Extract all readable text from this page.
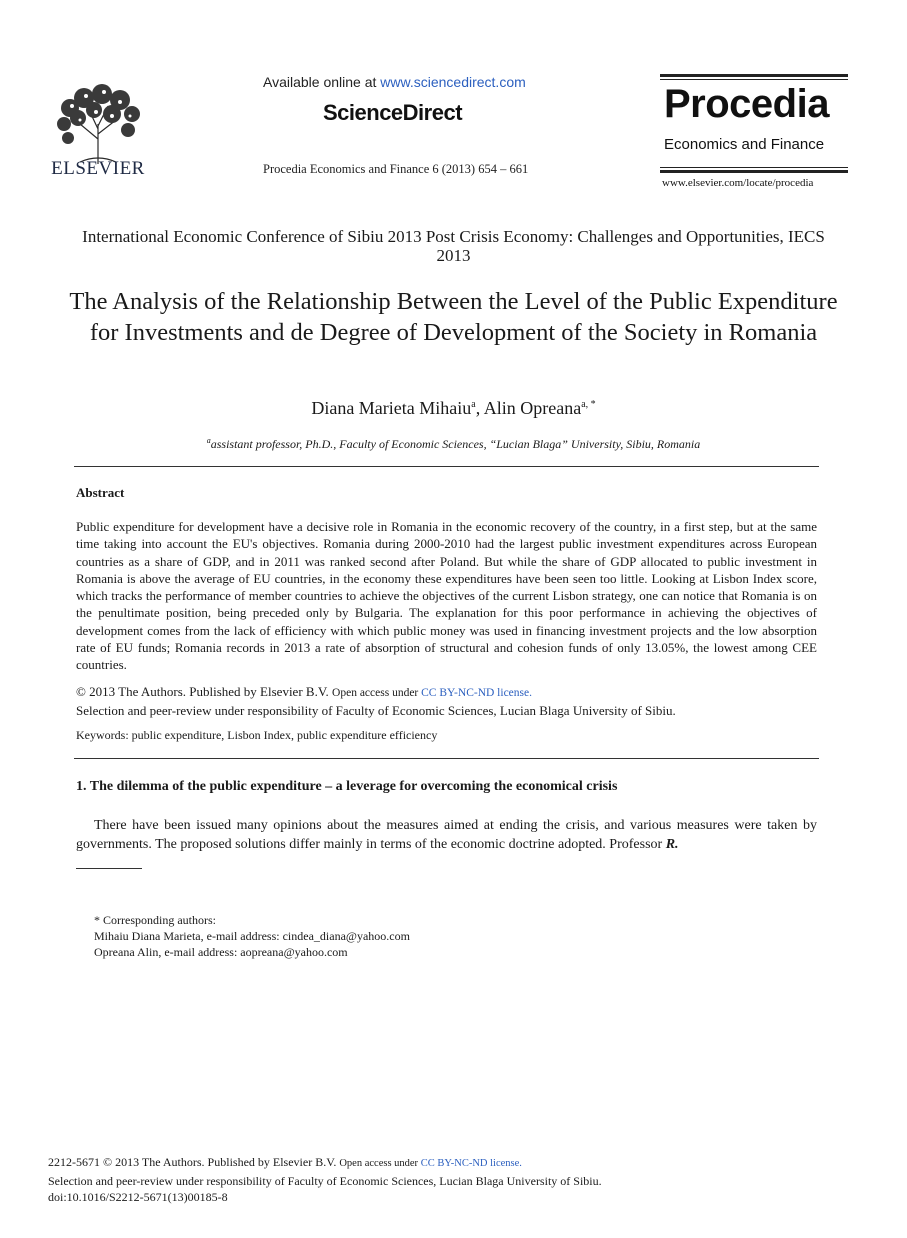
ELSEVIER
Available online at www.sciencedirect.com
ScienceDirect
Procedia Economics and Finance 6 (2013) 654 – 661
Procedia
Economics and Finance
www.elsevier.com/locate/procedia
International Economic Conference of Sibiu 2013 Post Crisis Economy: Challenges and Opportunities, IECS 2013
The Analysis of the Relationship Between the Level of the Public Expenditure for Investments and de Degree of Development of the Society in Romania
Diana Marieta Mihaiu$^a$, Alin Opreana$^{a, *}$
$^a$assistant professor, Ph.D., Faculty of Economic Sciences, “Lucian Blaga” University, Sibiu, Romania
Abstract
Public expenditure for development have a decisive role in Romania in the economic recovery of the country, in a first step, but at the same time taking into account the EU's objectives. Romania during 2000-2010 had the largest public investment expenditures across European countries as a share of GDP, and in 2011 was ranked second after Poland. But while the share of GDP allocated to public investment in Romania is above the average of EU countries, in the economy these expenditures have been seen too little. Looking at Lisbon Index score, which tracks the performance of member countries to achieve the objectives of the current Lisbon strategy, one can notice that Romania is on the penultimate position, being preceded only by Bulgaria. The explanation for this poor performance in achieving the objectives of development comes from the lack of efficiency with which public money was used in financing investment projects and the low absorption rate of EU funds; Romania records in 2013 a rate of absorption of structural and cohesion funds of only 13.05%, the lowest among CEE countries.
© 2013 The Authors. Published by Elsevier B.V. Open access under CC BY-NC-ND license.
Selection and peer-review under responsibility of Faculty of Economic Sciences, Lucian Blaga University of Sibiu.
Keywords: public expenditure, Lisbon Index, public expenditure efficiency
1. The dilemma of the public expenditure – a leverage for overcoming the economical crisis
There have been issued many opinions about the measures aimed at ending the crisis, and various measures were taken by governments. The proposed solutions differ mainly in terms of the economic doctrine adopted. Professor R.
* Corresponding authors:
Mihaiu Diana Marieta, e-mail address: cindea_diana@yahoo.com
Opreana Alin, e-mail address: aopreana@yahoo.com
2212-5671 © 2013 The Authors. Published by Elsevier B.V. Open access under CC BY-NC-ND license.
Selection and peer-review under responsibility of Faculty of Economic Sciences, Lucian Blaga University of Sibiu.
doi:10.1016/S2212-5671(13)00185-8
